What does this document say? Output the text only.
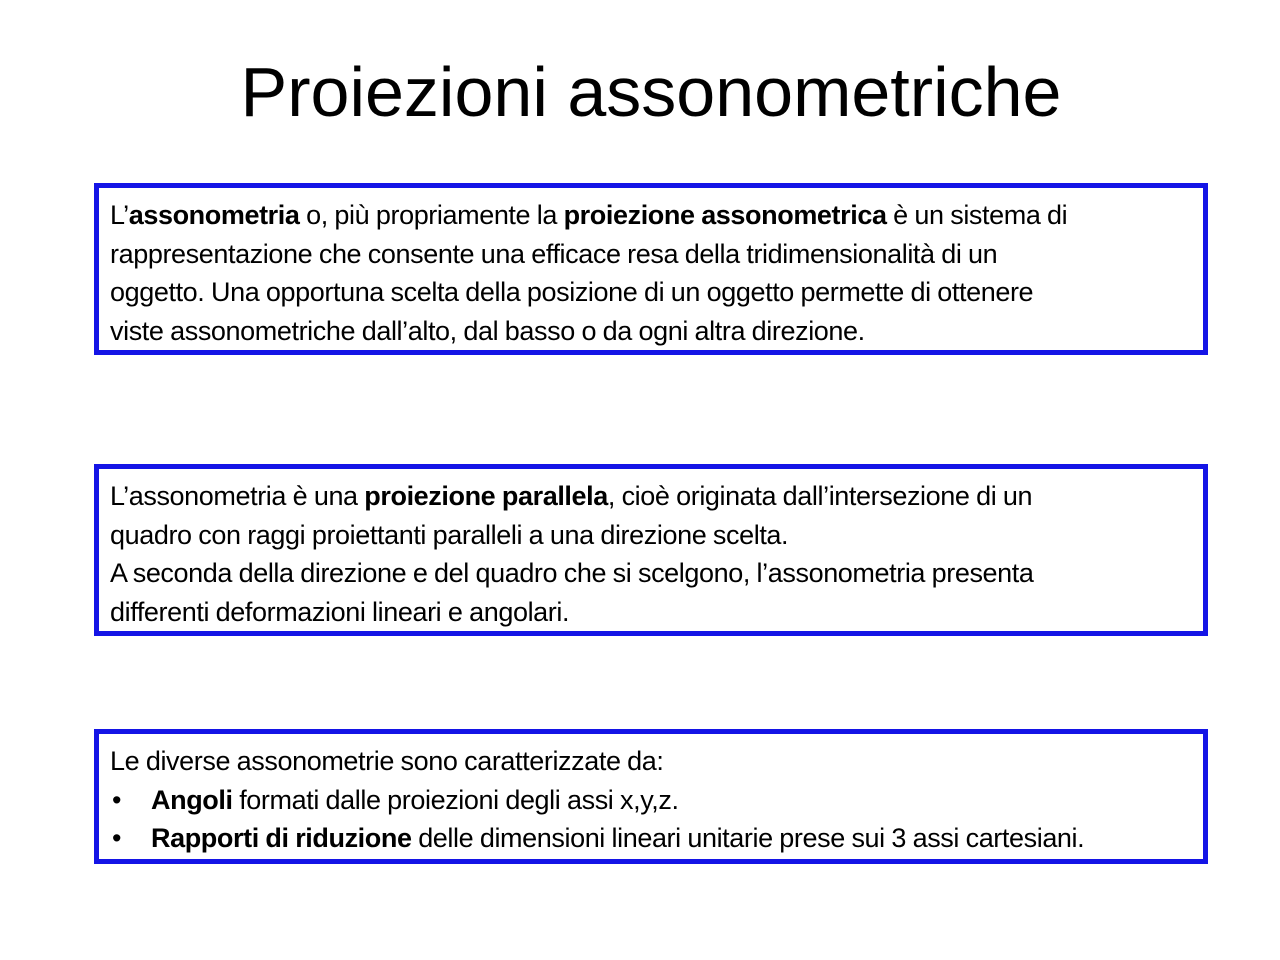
Proiezioni assonometriche

L’assonometria o, più propriamente la proiezione assonometrica è un sistema di

rappresentazione che consente una efficace resa della tridimensionalità di un

oggetto. Una opportuna scelta della posizione di un oggetto permette di ottenere

viste assonometriche dall’alto, dal basso o da ogni altra direzione.

L’assonometria è una proiezione parallela, cioè originata dall’intersezione di un

quadro con raggi proiettanti paralleli a una direzione scelta.

A seconda della direzione e del quadro che si scelgono, l’assonometria presenta

differenti deformazioni lineari e angolari.

Le diverse assonometrie sono caratterizzate da:

•	Angoli formati dalle proiezioni degli assi x,y,z.
•	Rapporti di riduzione delle dimensioni lineari unitarie prese sui 3 assi cartesiani.
